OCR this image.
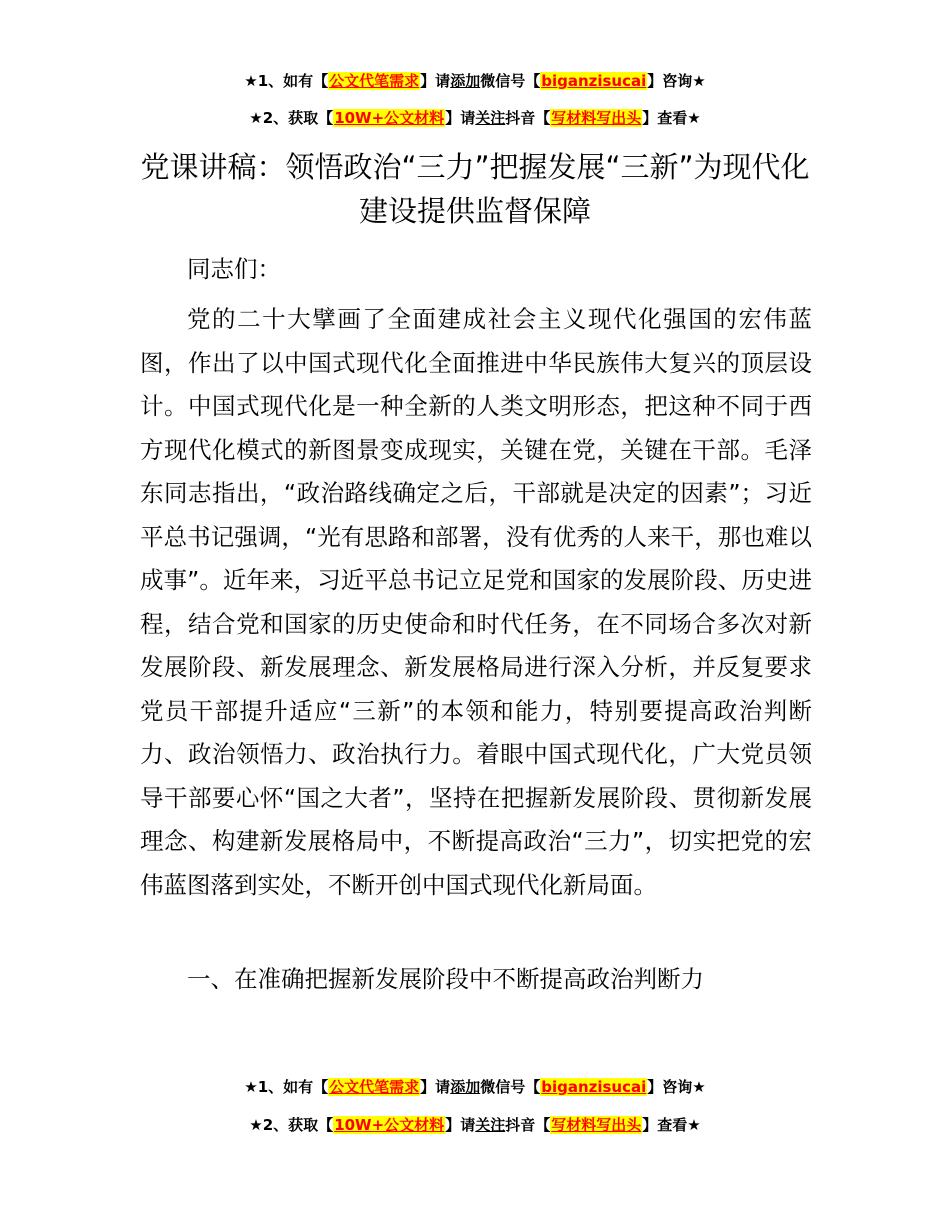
★1、如有【公文代笔需求】请添加微信号【biganzisucai】咨询★
★2、获取【10W+公文材料】请关注抖音【写材料写出头】查看★
党课讲稿：领悟政治“三力”把握发展“三新”为现代化建设提供监督保障

同志们：

党的二十大擘画了全面建成社会主义现代化强国的宏伟蓝图，作出了以中国式现代化全面推进中华民族伟大复兴的顶层设计。中国式现代化是一种全新的人类文明形态，把这种不同于西方现代化模式的新图景变成现实，关键在党，关键在干部。毛泽东同志指出，“政治路线确定之后，干部就是决定的因素”；习近平总书记强调，“光有思路和部署，没有优秀的人来干，那也难以成事”。近年来，习近平总书记立足党和国家的发展阶段、历史进程，结合党和国家的历史使命和时代任务，在不同场合多次对新发展阶段、新发展理念、新发展格局进行深入分析，并反复要求党员干部提升适应“三新”的本领和能力，特别要提高政治判断力、政治领悟力、政治执行力。着眼中国式现代化，广大党员领导干部要心怀“国之大者”，坚持在把握新发展阶段、贯彻新发展理念、构建新发展格局中，不断提高政治“三力”，切实把党的宏伟蓝图落到实处，不断开创中国式现代化新局面。

一、在准确把握新发展阶段中不断提高政治判断力

★1、如有【公文代笔需求】请添加微信号【biganzisucai】咨询★
★2、获取【10W+公文材料】请关注抖音【写材料写出头】查看★
